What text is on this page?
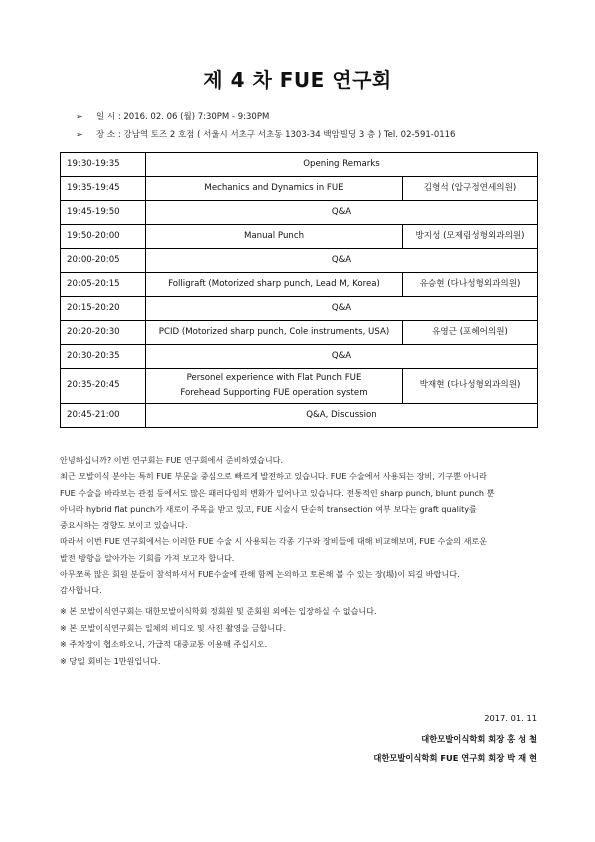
제 4 차 FUE 연구회
➢ 일 시 : 2016. 02. 06 (월) 7:30PM - 9:30PM
➢ 장 소 : 강남역 토즈 2 호점 ( 서울시 서초구 서초동 1303-34 백암빌딩 3 층 ) Tel. 02-591-0116
19:30-19:35	Opening Remarks	
19:35-19:45	Mechanics and Dynamics in FUE	김형석 (압구정연세의원)
19:45-19:50	Q&A	
19:50-20:00	Manual Punch	방지성 (모제림성형외과의원)
20:00-20:05	Q&A	
20:05-20:15	Folligraft (Motorized sharp punch, Lead M, Korea)	유승현 (다나성형외과의원)
20:15-20:20	Q&A	
20:20-20:30	PCID (Motorized sharp punch, Cole instruments, USA)	유영근 (포헤어의원)
20:30-20:35	Q&A	
20:35-20:45	Personel experience with Flat Punch FUE
Forehead Supporting FUE operation system	박재현 (다나성형외과의원)
20:45-21:00	Q&A, Discussion	

안녕하십니까? 이번 연구회는 FUE 연구회에서 준비하였습니다.

최근 모발이식 분야는 특히 FUE 부문을 중심으로 빠르게 발전하고 있습니다. FUE 수술에서 사용되는 장비, 기구뿐 아니라

FUE 수술을 바라보는 관점 등에서도 많은 패러다임의 변화가 일어나고 있습니다. 전통적인 sharp punch, blunt punch 뿐

아니라 hybrid flat punch가 새로이 주목을 받고 있고, FUE 시술시 단순히 transection 여부 보다는 graft quality를

중요시하는 경향도 보이고 있습니다.

따라서 이번 FUE 연구회에서는 이러한 FUE 수술 시 사용되는 각종 기구와 장비들에 대해 비교해보며, FUE 수술의 새로운

발전 방향을 알아가는 기회를 가져 보고자 합니다.

아무쪼록 많은 회원 분들이 참석하셔서 FUE수술에 관해 함께 논의하고 토론해 볼 수 있는 장(場)이 되길 바랍니다.

감사합니다.

※ 본 모발이식연구회는 대한모발이식학회 정회원 및 준회원 외에는 입장하실 수 없습니다.

※ 본 모발이식연구회는 일체의 비디오 및 사진 촬영을 금합니다.

※ 주차장이 협소하오니, 가급적 대중교통 이용해 주십시오.

※ 당일 회비는 1만원입니다.

2017. 01. 11
대한모발이식학회 회장 홍 성 철
대한모발이식학회 FUE 연구회 회장 박 재 현
